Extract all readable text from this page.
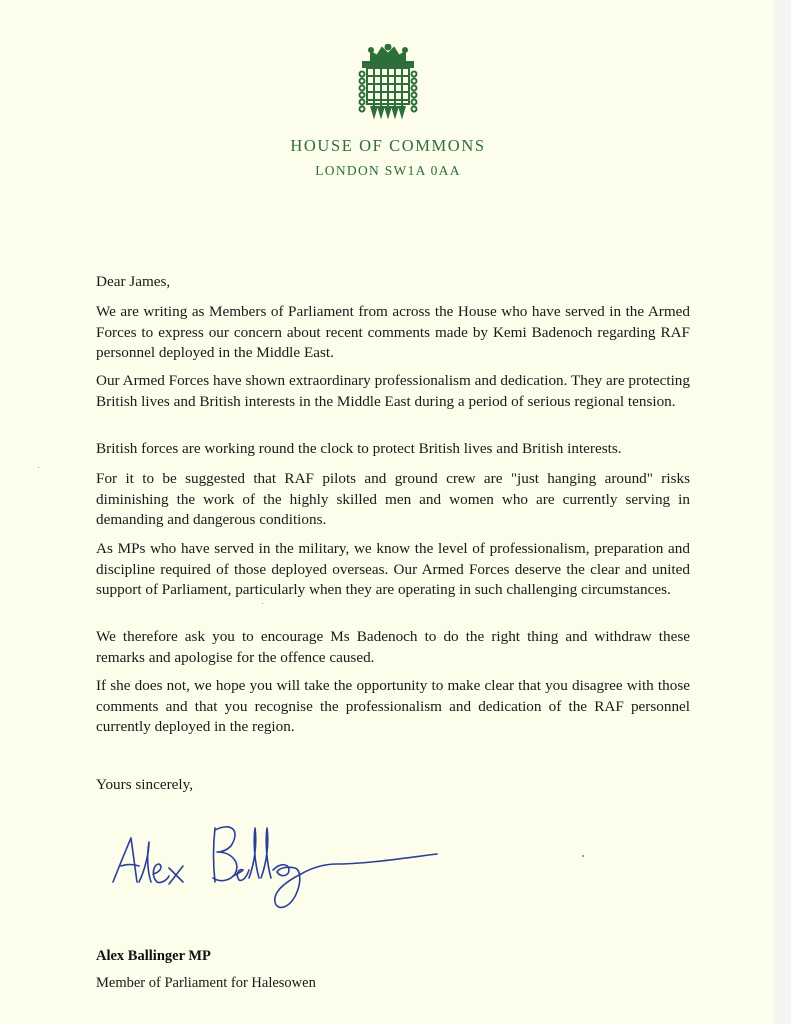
HOUSE OF COMMONS
LONDON SW1A 0AA
Dear James,
We are writing as Members of Parliament from across the House who have served in the Armed Forces to express our concern about recent comments made by Kemi Badenoch regarding RAF personnel deployed in the Middle East.
Our Armed Forces have shown extraordinary professionalism and dedication. They are protecting British lives and British interests in the Middle East during a period of serious regional tension.
British forces are working round the clock to protect British lives and British interests.
For it to be suggested that RAF pilots and ground crew are "just hanging around" risks diminishing the work of the highly skilled men and women who are currently serving in demanding and dangerous conditions.
As MPs who have served in the military, we know the level of professionalism, preparation and discipline required of those deployed overseas. Our Armed Forces deserve the clear and united support of Parliament, particularly when they are operating in such challenging circumstances.
We therefore ask you to encourage Ms Badenoch to do the right thing and withdraw these remarks and apologise for the offence caused.
If she does not, we hope you will take the opportunity to make clear that you disagree with those comments and that you recognise the professionalism and dedication of the RAF personnel currently deployed in the region.
Yours sincerely,
Alex Ballinger MP
Member of Parliament for Halesowen
